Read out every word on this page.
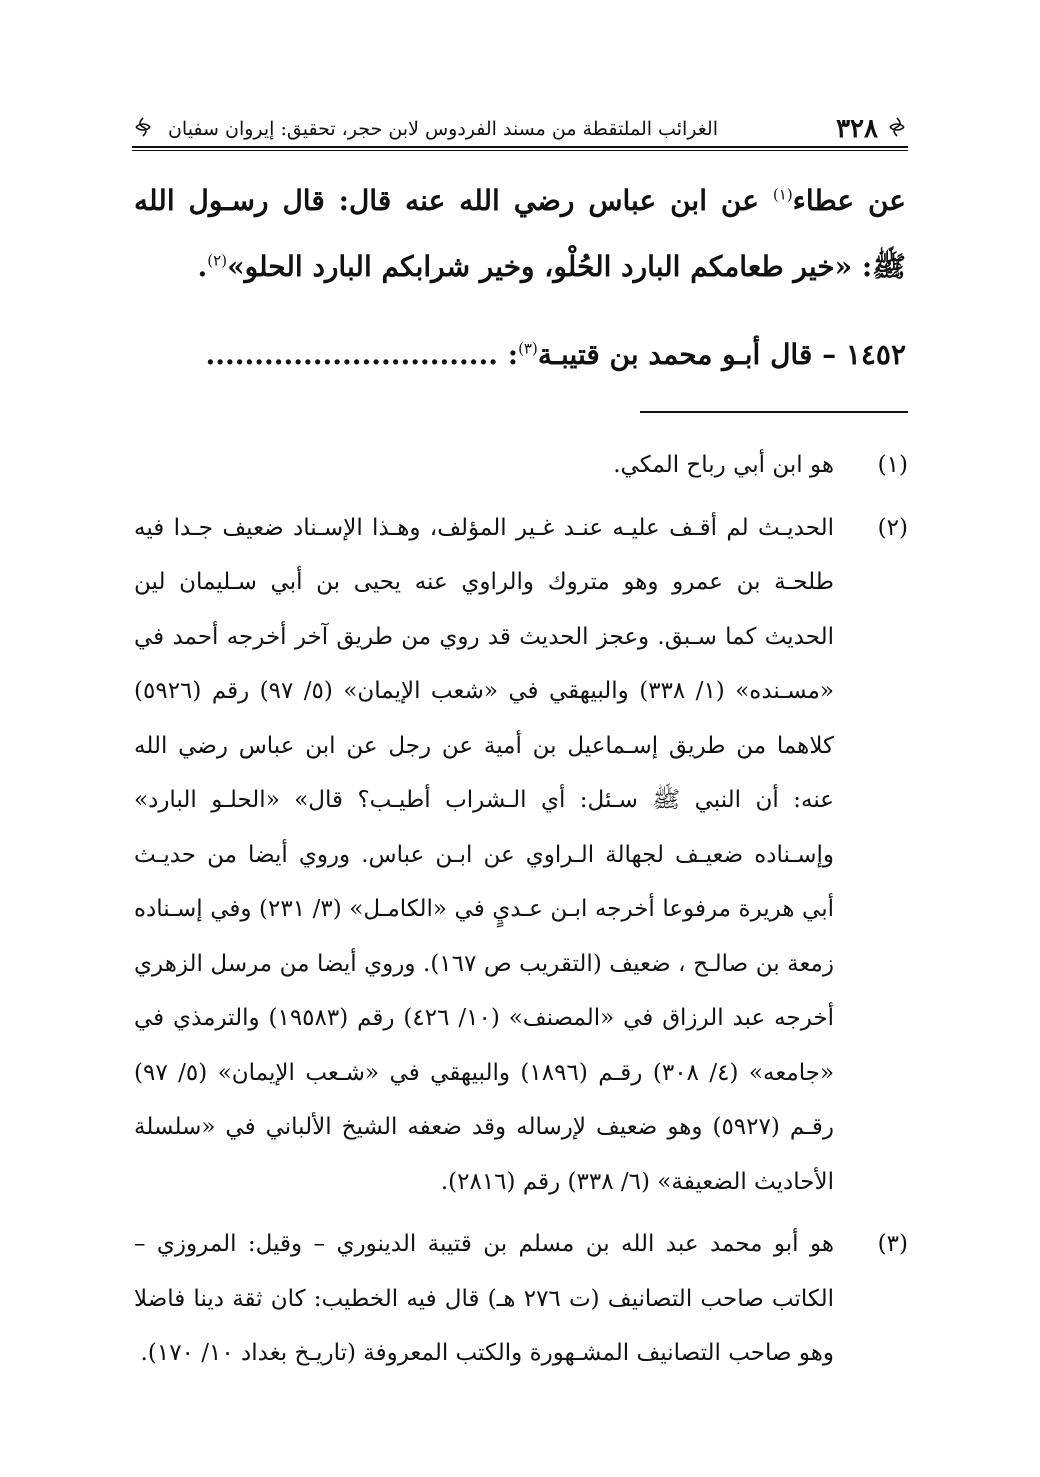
٣٢٨
الغرائب الملتقطة من مسند الفردوس لابن حجر، تحقيق: إيروان سفيان

عن عطاء$^{(١)}$ عن ابن عباس رضي الله عنه قال: قال رسـول الله ﷺ: «خير طعامكم البارد الحُلْو، وخير شرابكم البارد الحلو»$^{(٢)}$.

١٤٥٢ – قال أبـو محمد بن قتيبـة$^{(٣)}$: ..............................
(١)
هو ابن أبي رباح المكي.
(٢)
الحديـث لم أقـف عليـه عنـد غـير المؤلف، وهـذا الإسـناد ضعيف جـدا فيه طلحـة بن عمرو وهو متروك والراوي عنه يحيى بن أبي سـليمان لين الحديث كما سـبق. وعجز الحديث قد روي من طريق آخر أخرجه أحمد في «مسـنده» (١/ ٣٣٨) والبيهقي في «شعب الإيمان» (٥/ ٩٧) رقم (٥٩٢٦) كلاهما من طريق إسـماعيل بن أمية عن رجل عن ابن عباس رضي الله عنه: أن النبي ﷺ سـئل: أي الـشراب أطيـب؟ قال» «الحلـو البارد» وإسـناده ضعيـف لجهالة الـراوي عن ابـن عباس. وروي أيضا من حديـث أبي هريرة مرفوعا أخرجه ابـن عـديٍ في «الكامـل» (٣/ ٢٣١) وفي إسـناده زمعة بن صالـح ، ضعيف (التقريب ص ١٦٧). وروي أيضا من مرسل الزهري أخرجه عبد الرزاق في «المصنف» (١٠/ ٤٢٦) رقم (١٩٥٨٣) والترمذي في «جامعه» (٤/ ٣٠٨) رقـم (١٨٩٦) والبيهقي في «شـعب الإيمان» (٥/ ٩٧) رقـم (٥٩٢٧) وهو ضعيف لإرساله وقد ضعفه الشيخ الألباني في «سلسلة الأحاديث الضعيفة» (٦/ ٣٣٨) رقم (٢٨١٦).
(٣)
هو أبو محمد عبد الله بن مسلم بن قتيبة الدينوري – وقيل: المروزي – الكاتب صاحب التصانيف (ت ٢٧٦ هـ) قال فيه الخطيب: كان ثقة دينا فاضلا وهو صاحب التصانيف المشـهورة والكتب المعروفة (تاريـخ بغداد ١٠/ ١٧٠).
